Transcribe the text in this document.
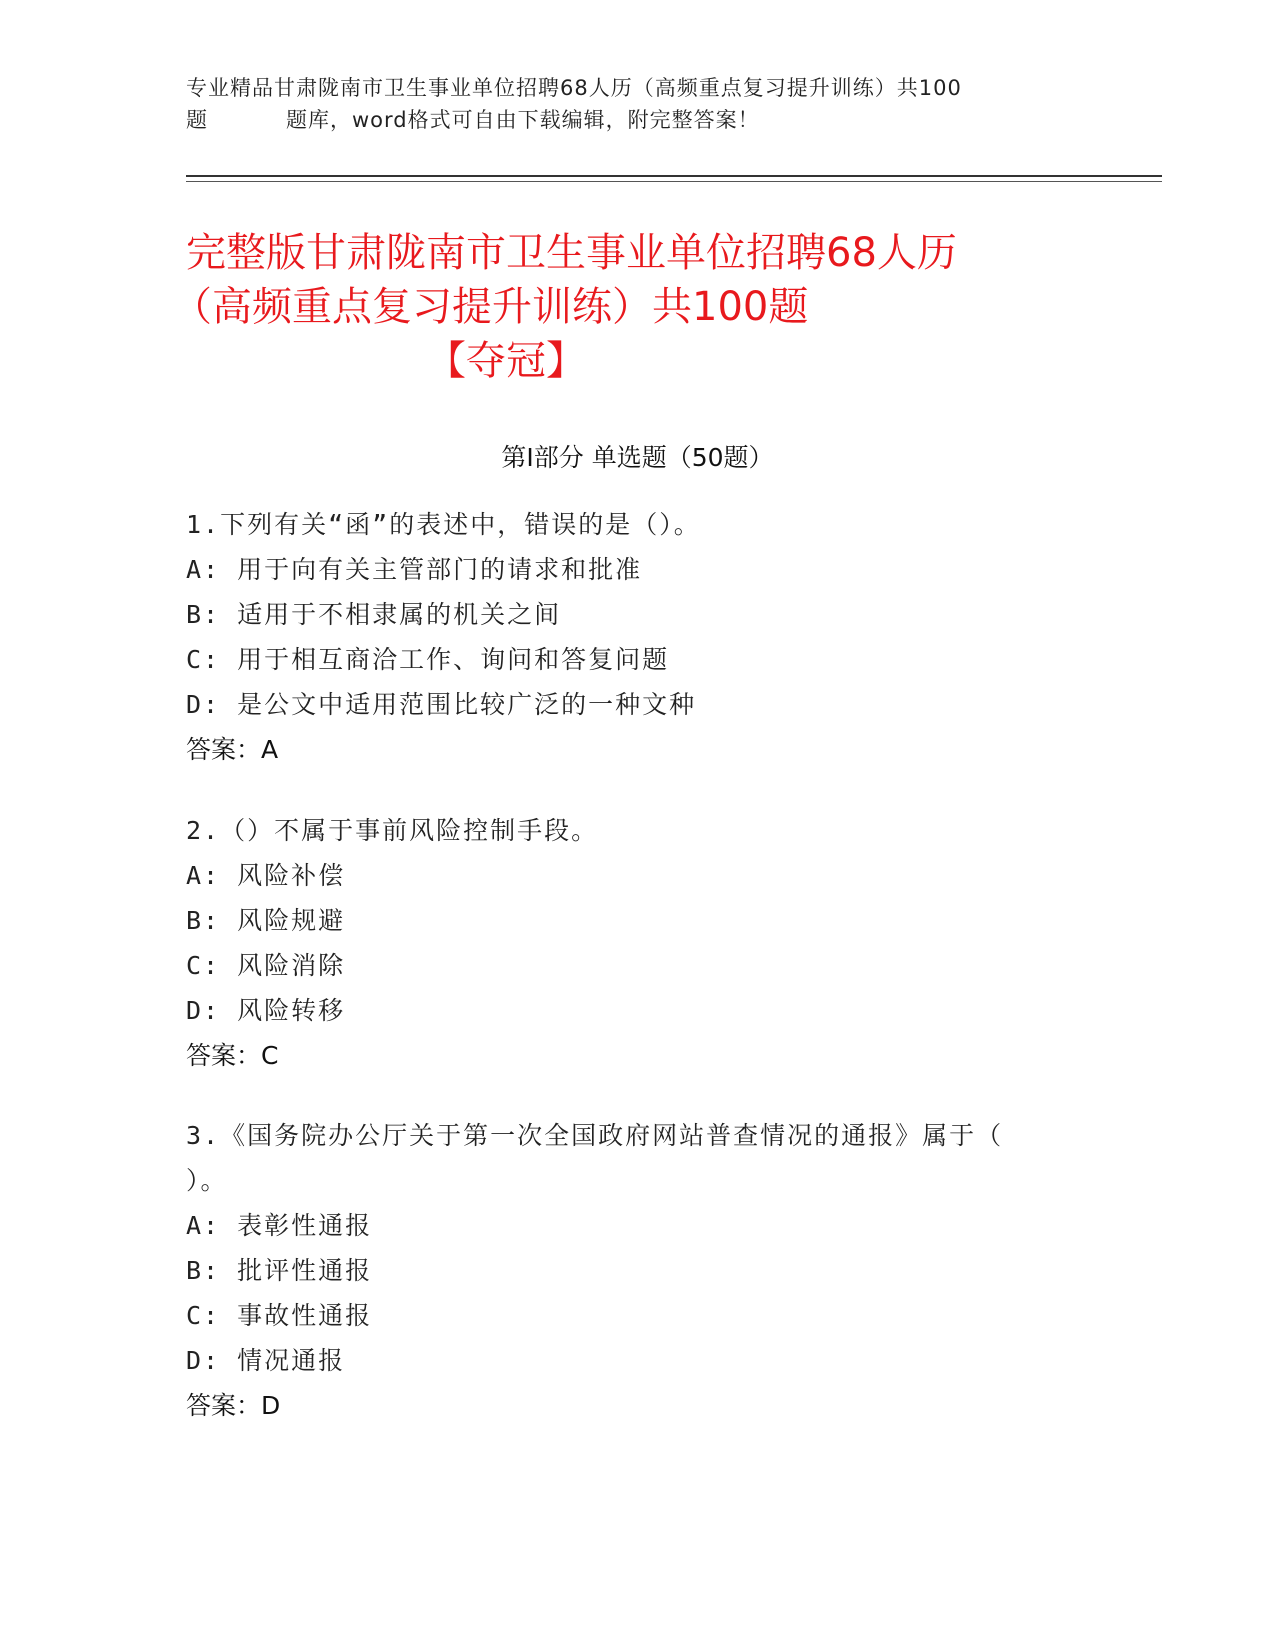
专业精品甘肃陇南市卫生事业单位招聘68人历（高频重点复习提升训练）共100
题	题库，word格式可自由下载编辑，附完整答案！
完整版甘肃陇南市卫生事业单位招聘68人历
（高频重点复习提升训练）共100题
【夺冠】
第Ⅰ部分 单选题（50题）
1.下列有关“函”的表述中，错误的是（）。
A: 用于向有关主管部门的请求和批准
B: 适用于不相隶属的机关之间
C: 用于相互商洽工作、询问和答复问题
D: 是公文中适用范围比较广泛的一种文种
答案：A
2.（）不属于事前风险控制手段。
A: 风险补偿
B: 风险规避
C: 风险消除
D: 风险转移
答案：C
3.《国务院办公厅关于第一次全国政府网站普查情况的通报》属于（
）。
A: 表彰性通报
B: 批评性通报
C: 事故性通报
D: 情况通报
答案：D
